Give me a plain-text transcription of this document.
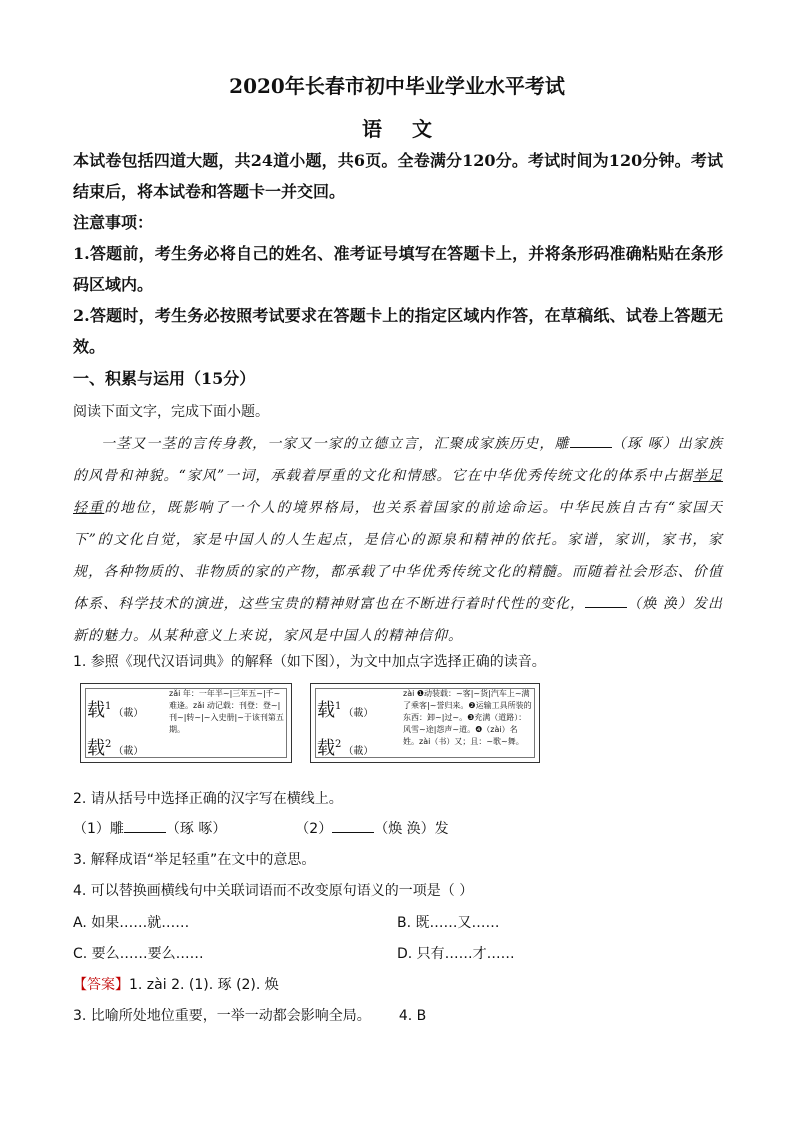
2020年长春市初中毕业学业水平考试
语文
本试卷包括四道大题，共24道小题，共6页。全卷满分120分。考试时间为120分钟。考试结束后，将本试卷和答题卡一并交回。
注意事项：
1.答题前，考生务必将自己的姓名、准考证号填写在答题卡上，并将条形码准确粘贴在条形码区域内。
2.答题时，考生务必按照考试要求在答题卡上的指定区域内作答，在草稿纸、试卷上答题无效。
一、积累与运用（15分）
阅读下面文字，完成下面小题。
一茎又一茎的言传身教，一家又一家的立德立言，汇聚成家族历史，雕	（琢 啄）出家族的风骨和神貌。“家风”一词，承载着厚重的文化和情感。它在中华优秀传统文化的体系中占据举足轻重的地位，既影响了一个人的境界格局，也关系着国家的前途命运。中华民族自古有“家国天下”的文化自觉，家是中国人的人生起点，是信心的源泉和精神的依托。家谱，家训，家书，家规，各种物质的、非物质的家的产物，都承载了中华优秀传统文化的精髓。而随着社会形态、价值体系、科学技术的演进，这些宝贵的精神财富也在不断进行着时代性的变化，	（焕 涣）发出新的魅力。从某种意义上来说，家风是中国人的精神信仰。
1. 参照《现代汉语词典》的解释（如下图），为文中加点字选择正确的读音。
载$^1$（載）
载$^2$（載）
zǎi 年：一年半~|三年五~|千~难逢。zǎi 动记载：刊登：登~|刊~|转~|~入史册|~于该刊第五期。
载$^1$（載）
载$^2$（載）
zài ❶动装载：~客|~货|汽车上~满了乘客|~誉归来。❷运输工具所装的东西：卸~|过~。❸充满（道路）：风雪~途|怨声~道。❹（zài）名 姓。zài（书）又；且：~歌~舞。
2. 请从括号中选择正确的汉字写在横线上。
（1）雕	（琢 啄）	（2）	（焕 涣）发
3. 解释成语“举足轻重”在文中的意思。
4. 可以替换画横线句中关联词语而不改变原句语义的一项是（ ）
A. 如果……就……	B. 既……又……
C. 要么……要么……	D. 只有……才……
【答案】1. zài 2. (1). 琢 (2). 焕
3. 比喻所处地位重要，一举一动都会影响全局。 4. B
